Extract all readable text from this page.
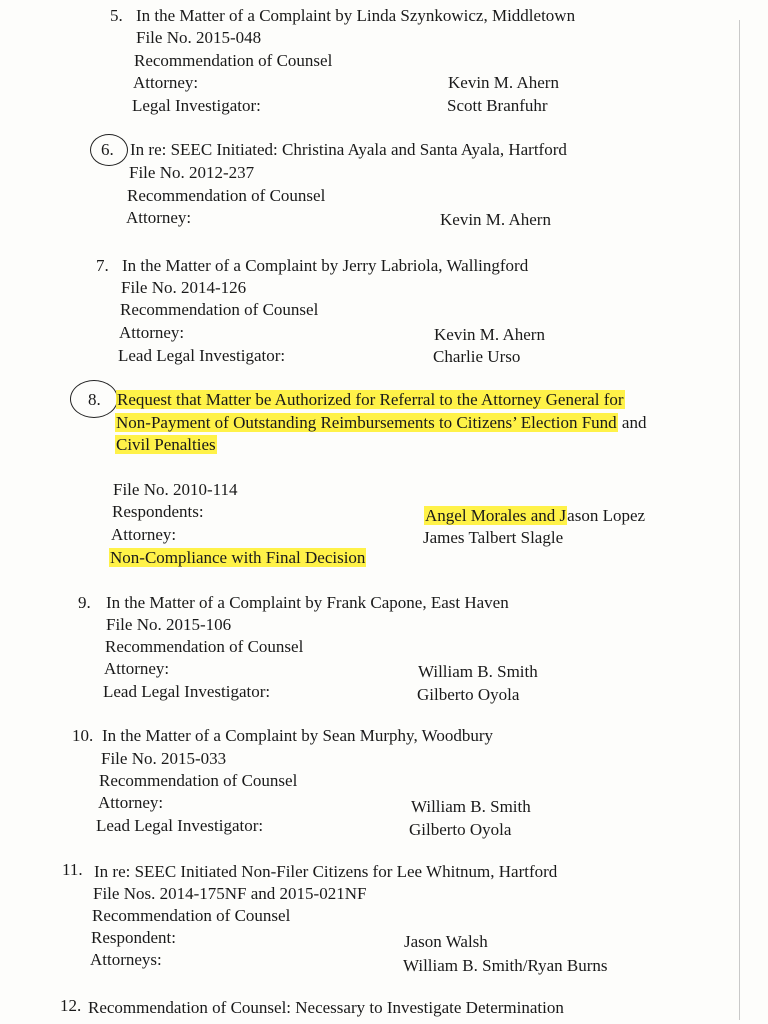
5. In the Matter of a Complaint by Linda Szynkowicz, Middletown
File No. 2015-048
Recommendation of Counsel
Attorney:	Kevin M. Ahern
Legal Investigator:	Scott Branfuhr
6. In re: SEEC Initiated: Christina Ayala and Santa Ayala, Hartford
File No. 2012-237
Recommendation of Counsel
Attorney:	Kevin M. Ahern
7. In the Matter of a Complaint by Jerry Labriola, Wallingford
File No. 2014-126
Recommendation of Counsel
Attorney:	Kevin M. Ahern
Lead Legal Investigator:	Charlie Urso
8. Request that Matter be Authorized for Referral to the Attorney General for
Non-Payment of Outstanding Reimbursements to Citizens’ Election Fund and
Civil Penalties
File No. 2010-114
Respondents:	Angel Morales and Jason Lopez
Attorney:	James Talbert Slagle
Non-Compliance with Final Decision
9. In the Matter of a Complaint by Frank Capone, East Haven
File No. 2015-106
Recommendation of Counsel
Attorney:	William B. Smith
Lead Legal Investigator:	Gilberto Oyola
10. In the Matter of a Complaint by Sean Murphy, Woodbury
File No. 2015-033
Recommendation of Counsel
Attorney:	William B. Smith
Lead Legal Investigator:	Gilberto Oyola
11. In re: SEEC Initiated Non-Filer Citizens for Lee Whitnum, Hartford
File Nos. 2014-175NF and 2015-021NF
Recommendation of Counsel
Respondent:	Jason Walsh
Attorneys:	William B. Smith/Ryan Burns
12. Recommendation of Counsel: Necessary to Investigate Determination
